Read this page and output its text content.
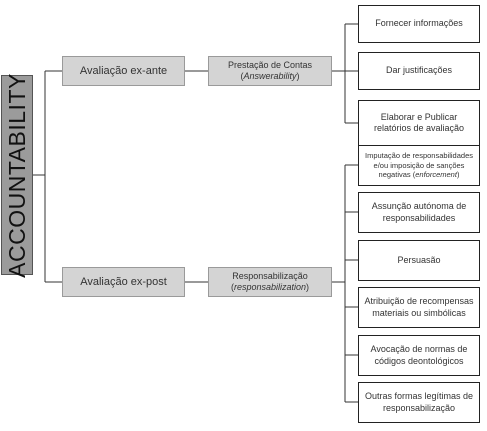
ACCOUNTABILITY
Avaliação ex-ante
Avaliação ex-post
Prestação de Contas
(Answerability)
Responsabilização
(responsabilization)
Fornecer informações
Dar justificações
Elaborar e Publicar
relatórios de avaliação
Imputação de responsabilidades
e/ou imposição de sanções
negativas (enforcement)
Assunção autónoma de
responsabilidades
Persuasão
Atribuição de recompensas
materiais ou simbólicas
Avocação de normas de
códigos deontológicos
Outras formas legítimas de
responsabilização
